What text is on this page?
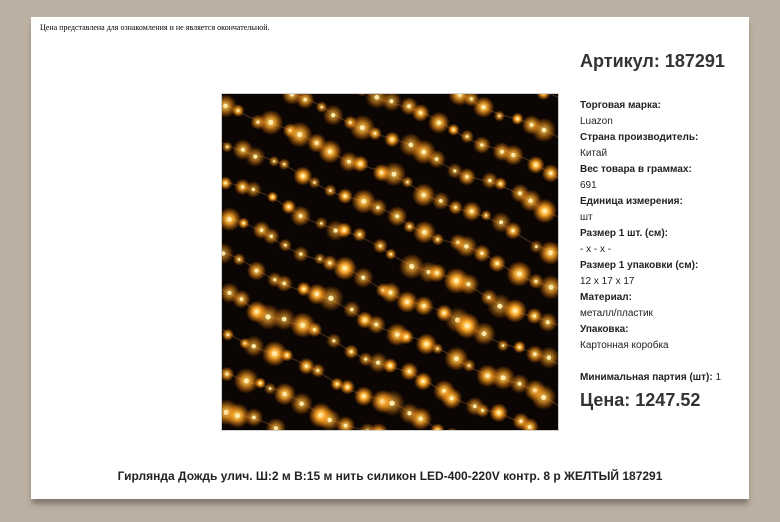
Цена представлена для ознакомления и не является окончательной.
Артикул: 187291
Торговая марка:
Luazon
Страна производитель:
Китай
Вес товара в граммах:
691
Единица измерения:
шт
Размер 1 шт. (см):
- x - x -
Размер 1 упаковки (см):
12 x 17 x 17
Материал:
металл/пластик
Упаковка:
Картонная коробка
Минимальная партия (шт): 1
Цена: 1247.52
Гирлянда Дождь улич. Ш:2 м В:15 м нить силикон LED-400-220V контр. 8 р ЖЕЛТЫЙ 187291
